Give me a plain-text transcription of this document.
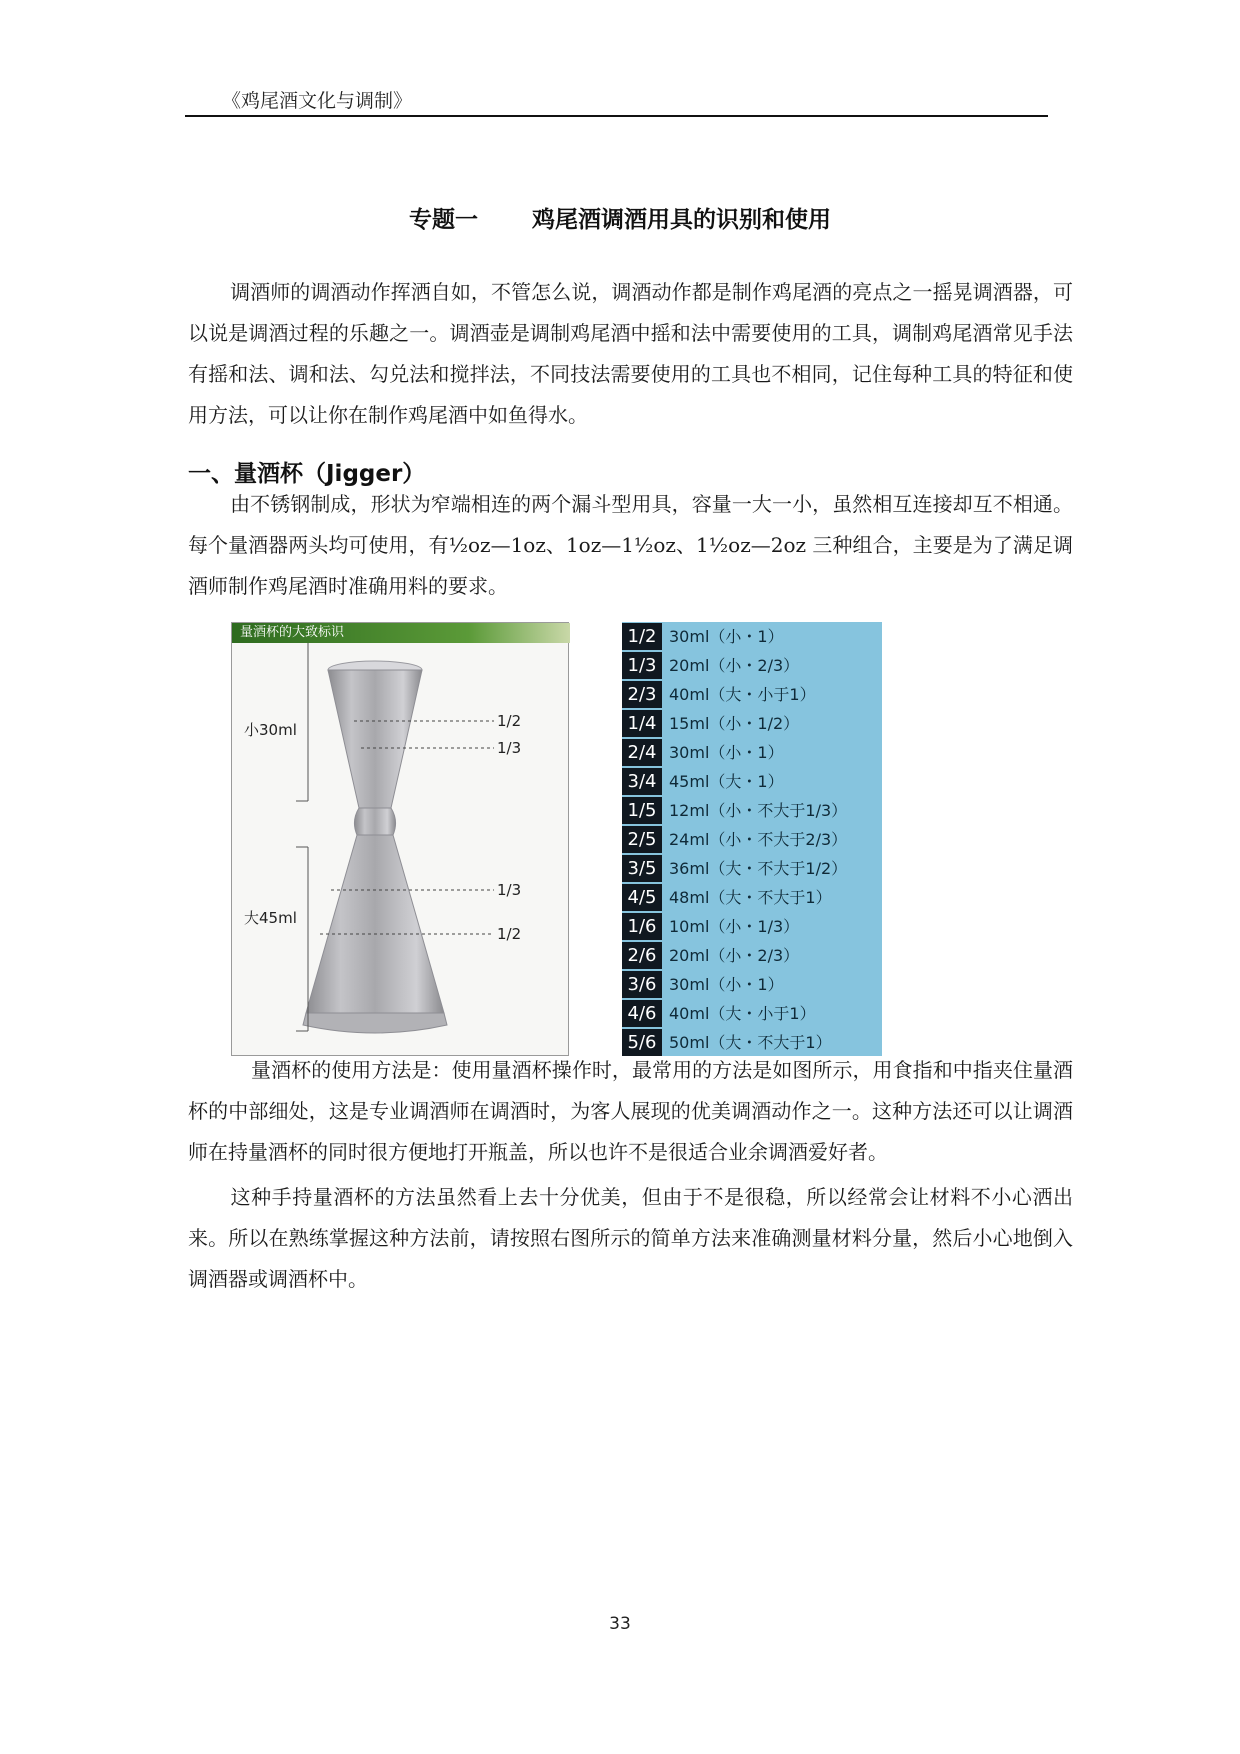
《鸡尾酒文化与调制》
专题一 鸡尾酒调酒用具的识别和使用

调酒师的调酒动作挥洒自如，不管怎么说，调酒动作都是制作鸡尾酒的亮点之一摇晃调酒器，可以说是调酒过程的乐趣之一。调酒壶是调制鸡尾酒中摇和法中需要使用的工具，调制鸡尾酒常见手法有摇和法、调和法、勾兑法和搅拌法，不同技法需要使用的工具也不相同，记住每种工具的特征和使用方法，可以让你在制作鸡尾酒中如鱼得水。

一、量酒杯（Jigger）

由不锈钢制成，形状为窄端相连的两个漏斗型用具，容量一大一小，虽然相互连接却互不相通。每个量酒器两头均可使用，有½oz—1oz、1oz—1½oz、1½oz—2oz 三种组合，主要是为了满足调酒师制作鸡尾酒时准确用料的要求。

量酒杯的大致标识
小30ml
大45ml
1/2
1/3
1/3
1/2
1/2 30ml（小・1）
1/3 20ml（小・2/3）
2/3 40ml（大・小于1）
1/4 15ml（小・1/2）
2/4 30ml（小・1）
3/4 45ml（大・1）
1/5 12ml（小・不大于1/3）
2/5 24ml（小・不大于2/3）
3/5 36ml（大・不大于1/2）
4/5 48ml（大・不大于1）
1/6 10ml（小・1/3）
2/6 20ml（小・2/3）
3/6 30ml（小・1）
4/6 40ml（大・小于1）
5/6 50ml（大・不大于1）

量酒杯的使用方法是：使用量酒杯操作时，最常用的方法是如图所示，用食指和中指夹住量酒杯的中部细处，这是专业调酒师在调酒时，为客人展现的优美调酒动作之一。这种方法还可以让调酒师在持量酒杯的同时很方便地打开瓶盖，所以也许不是很适合业余调酒爱好者。

这种手持量酒杯的方法虽然看上去十分优美，但由于不是很稳，所以经常会让材料不小心洒出来。所以在熟练掌握这种方法前，请按照右图所示的简单方法来准确测量材料分量，然后小心地倒入调酒器或调酒杯中。

33
